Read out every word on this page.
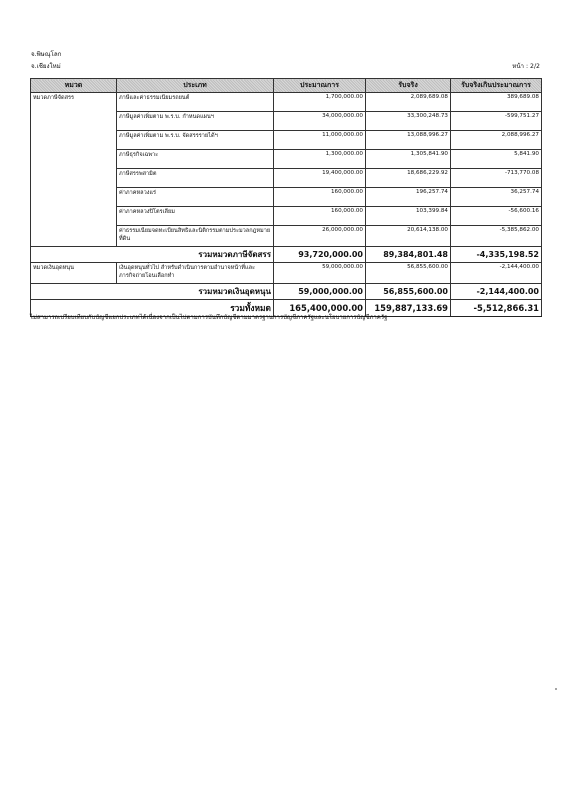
จ.พิษณุโลก
จ.เชียงใหม่	หน้า : 2/2
หมวด	ประเภท	ประมาณการ	รับจริง	รับจริงเกินประมาณการ
หมวดภาษีจัดสรร	ภาษีและค่าธรรมเนียมรถยนต์	1,700,000.00	2,089,689.08	389,689.08
	ภาษีมูลค่าเพิ่มตาม พ.ร.บ. กำหนดแผนฯ	34,000,000.00	33,300,248.73	-599,751.27
	ภาษีมูลค่าเพิ่มตาม พ.ร.บ. จัดสรรรายได้ฯ	11,000,000.00	13,088,996.27	2,088,996.27
	ภาษีธุรกิจเฉพาะ	1,300,000.00	1,305,841.90	5,841.90
	ภาษีสรรพสามิต	19,400,000.00	18,686,229.92	-713,770.08
	ค่าภาคหลวงแร่	160,000.00	196,257.74	36,257.74
	ค่าภาคหลวงปิโตรเลียม	160,000.00	103,399.84	-56,600.16
	ค่าธรรมเนียมจดทะเบียนสิทธิและนิติกรรมตามประมวลกฎหมายที่ดิน	26,000,000.00	20,614,138.00	-5,385,862.00
	รวมหมวดภาษีจัดสรร	93,720,000.00	89,384,801.48	-4,335,198.52
หมวดเงินอุดหนุน	เงินอุดหนุนทั่วไป สำหรับดำเนินการตามอำนาจหน้าที่และภารกิจถ่ายโอนเลือกทำ	59,000,000.00	56,855,600.00	-2,144,400.00
	รวมหมวดเงินอุดหนุน	59,000,000.00	56,855,600.00	-2,144,400.00
	รวมทั้งหมด	165,400,000.00	159,887,133.69	-5,512,866.31
ไม่สามารถเปรียบเทียบกับบัญชีแยกประเภทได้เนื่องจากเป็นไปตามการบันทึกบัญชีตามมาตรฐานการบัญชีภาครัฐและนโยบายการบัญชีภาครัฐ
